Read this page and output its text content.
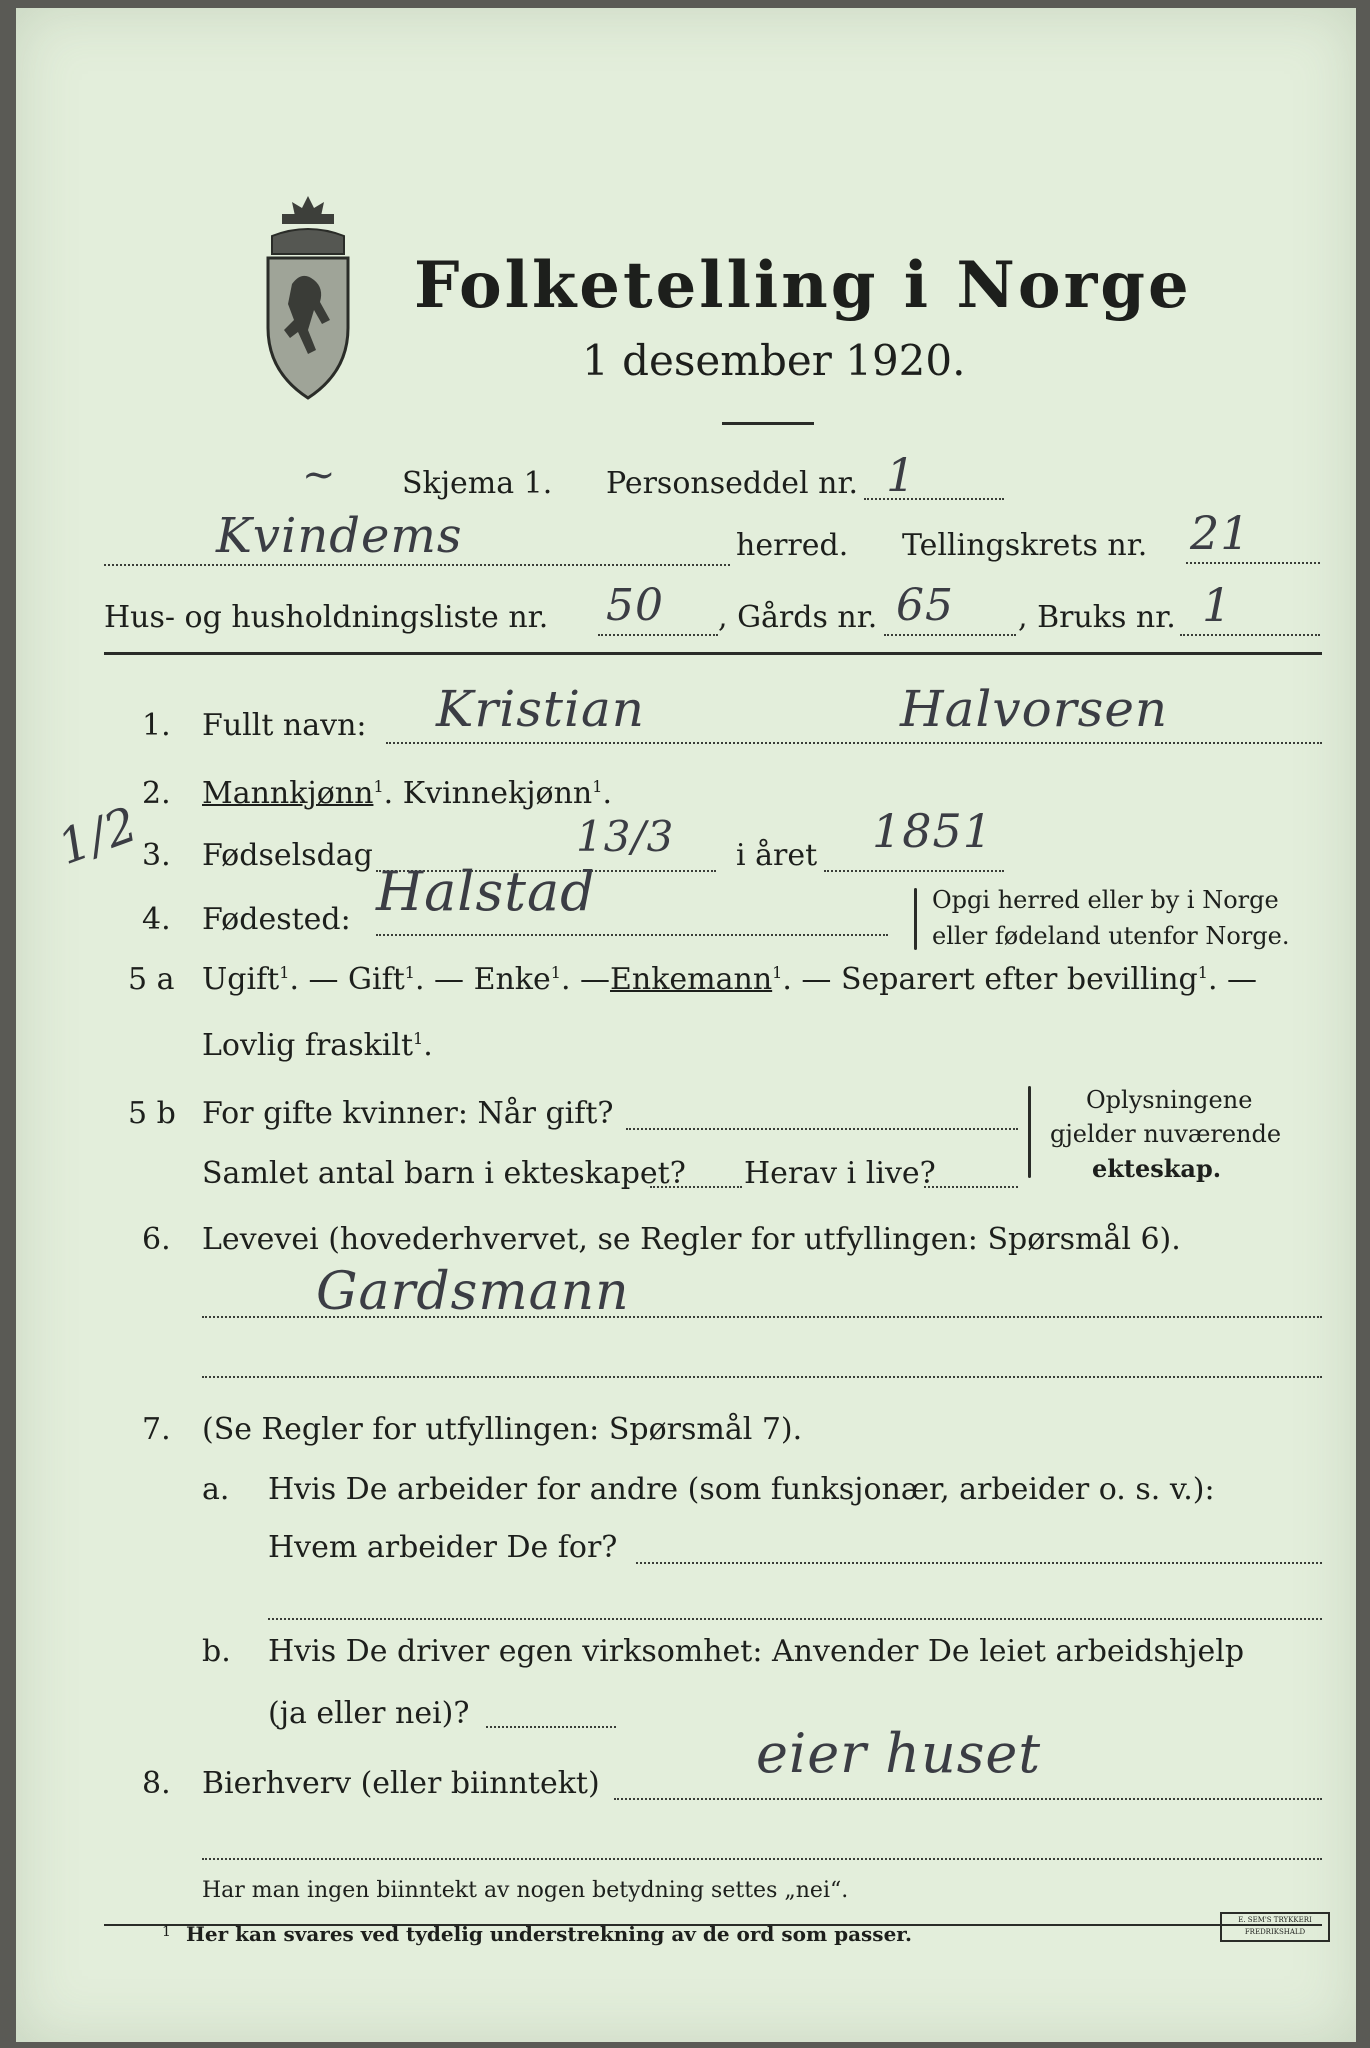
Folketelling i Norge
1 desember 1920.
~ Skjema 1. Personseddel nr. 1
Kvindems	herred. Tellingskrets nr. 21
Hus- og husholdningsliste nr. 50 , Gårds nr. 65 , Bruks nr. 1
1/2
1. Fullt navn: Kristian	Halvorsen
2. Mannkjønn$^1$. Kvinnekjønn$^1$.
3. Fødselsdag	13/3 i året 1851
4. Fødested: Halstad	Opgi herred eller by i Norge
eller fødeland utenfor Norge.
5 a Ugift$^1$. — Gift$^1$. — Enke$^1$. —Enkemann$^1$. — Separert efter bevilling$^1$. —
Lovlig fraskilt$^1$.
5 b For gifte kvinner: Når gift?
Samlet antal barn i ekteskapet? Herav i live?
Oplysningene
gjelder nuværende
ekteskap.
6. Levevei (hovederhvervet, se Regler for utfyllingen: Spørsmål 6).
Gardsmann
7. (Se Regler for utfyllingen: Spørsmål 7).
a. Hvis De arbeider for andre (som funksjonær, arbeider o. s. v.):
Hvem arbeider De for?
b. Hvis De driver egen virksomhet: Anvender De leiet arbeidshjelp
(ja eller nei)?
8. Bierhverv (eller biinntekt)	eier huset
Har man ingen biinntekt av nogen betydning settes „nei“.
1 Her kan svares ved tydelig understrekning av de ord som passer.
E. SEM'S TRYKKERI FREDRIKSHALD
